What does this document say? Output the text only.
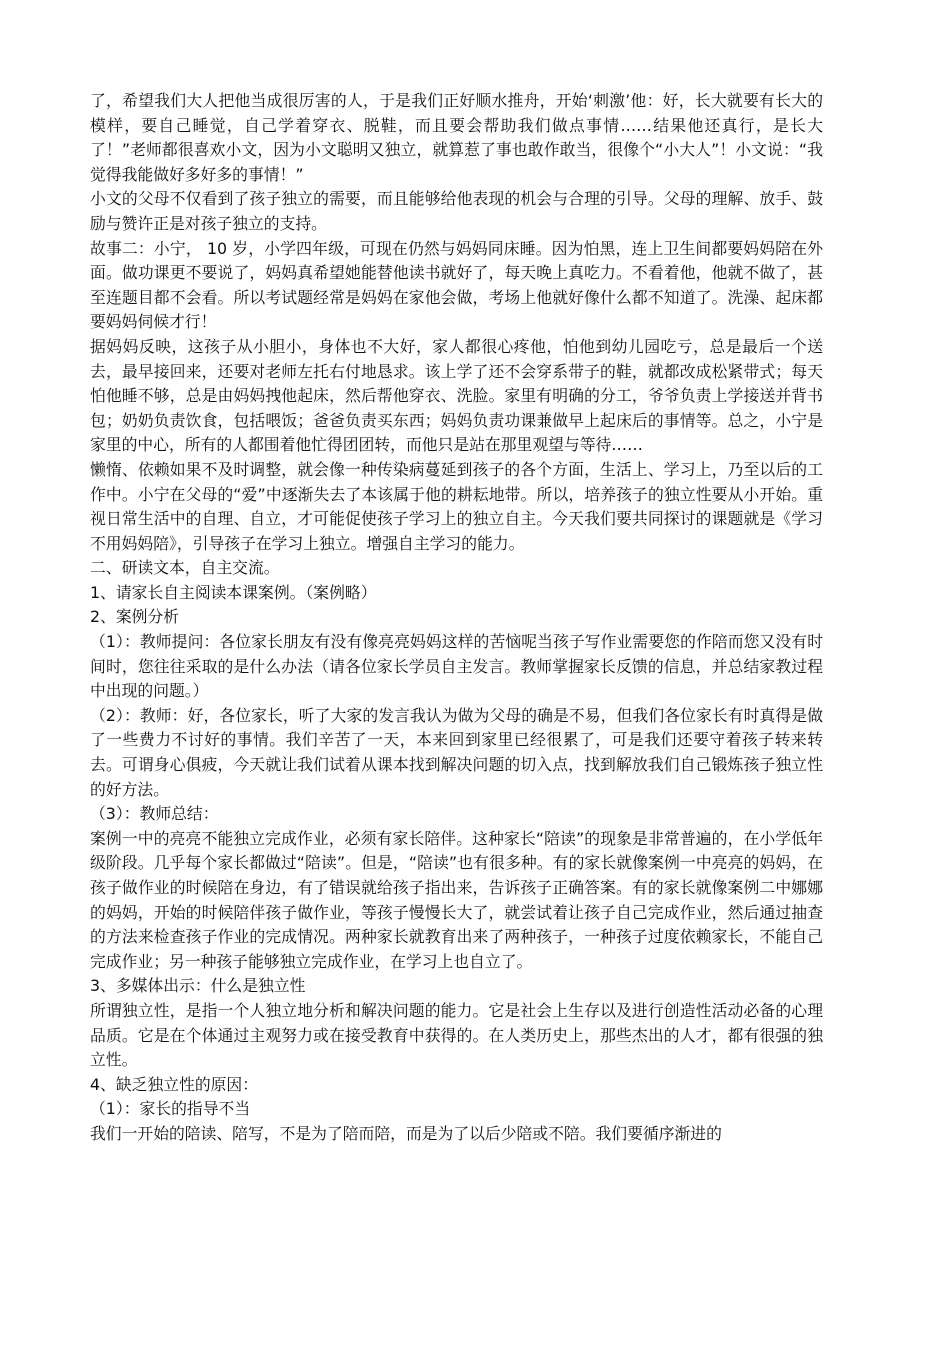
了，希望我们大人把他当成很厉害的人，于是我们正好顺水推舟，开始‘刺激’他：好，长大就要有长大的模样，要自己睡觉，自己学着穿衣、脱鞋，而且要会帮助我们做点事情……结果他还真行，是长大了！”老师都很喜欢小文，因为小文聪明又独立，就算惹了事也敢作敢当，很像个“小大人”！小文说：“我觉得我能做好多好多的事情！”

小文的父母不仅看到了孩子独立的需要，而且能够给他表现的机会与合理的引导。父母的理解、放手、鼓励与赞许正是对孩子独立的支持。

故事二：小宁， 10 岁，小学四年级，可现在仍然与妈妈同床睡。因为怕黑，连上卫生间都要妈妈陪在外面。做功课更不要说了，妈妈真希望她能替他读书就好了，每天晚上真吃力。不看着他，他就不做了，甚至连题目都不会看。所以考试题经常是妈妈在家他会做，考场上他就好像什么都不知道了。洗澡、起床都要妈妈伺候才行！

据妈妈反映，这孩子从小胆小，身体也不大好，家人都很心疼他，怕他到幼儿园吃亏，总是最后一个送去，最早接回来，还要对老师左托右付地恳求。该上学了还不会穿系带子的鞋，就都改成松紧带式；每天怕他睡不够，总是由妈妈拽他起床，然后帮他穿衣、洗脸。家里有明确的分工，爷爷负责上学接送并背书包；奶奶负责饮食，包括喂饭；爸爸负责买东西；妈妈负责功课兼做早上起床后的事情等。总之，小宁是家里的中心，所有的人都围着他忙得团团转，而他只是站在那里观望与等待……

懒惰、依赖如果不及时调整，就会像一种传染病蔓延到孩子的各个方面，生活上、学习上，乃至以后的工作中。小宁在父母的“爱”中逐渐失去了本该属于他的耕耘地带。所以，培养孩子的独立性要从小开始。重视日常生活中的自理、自立，才可能促使孩子学习上的独立自主。今天我们要共同探讨的课题就是《学习不用妈妈陪》，引导孩子在学习上独立。增强自主学习的能力。

二、研读文本，自主交流。

1、请家长自主阅读本课案例。（案例略）

2、案例分析

（1）：教师提问：各位家长朋友有没有像亮亮妈妈这样的苦恼呢当孩子写作业需要您的作陪而您又没有时间时，您往往采取的是什么办法（请各位家长学员自主发言。教师掌握家长反馈的信息，并总结家教过程中出现的问题。）

（2）：教师：好，各位家长，听了大家的发言我认为做为父母的确是不易，但我们各位家长有时真得是做了一些费力不讨好的事情。我们辛苦了一天，本来回到家里已经很累了，可是我们还要守着孩子转来转去。可谓身心俱疲，今天就让我们试着从课本找到解决问题的切入点，找到解放我们自己锻炼孩子独立性的好方法。

（3）：教师总结：

案例一中的亮亮不能独立完成作业，必须有家长陪伴。这种家长“陪读”的现象是非常普遍的，在小学低年级阶段。几乎每个家长都做过“陪读”。但是，“陪读”也有很多种。有的家长就像案例一中亮亮的妈妈，在孩子做作业的时候陪在身边，有了错误就给孩子指出来，告诉孩子正确答案。有的家长就像案例二中娜娜的妈妈，开始的时候陪伴孩子做作业，等孩子慢慢长大了，就尝试着让孩子自己完成作业，然后通过抽查的方法来检查孩子作业的完成情况。两种家长就教育出来了两种孩子，一种孩子过度依赖家长，不能自己完成作业；另一种孩子能够独立完成作业，在学习上也自立了。

3、多媒体出示：什么是独立性

所谓独立性，是指一个人独立地分析和解决问题的能力。它是社会上生存以及进行创造性活动必备的心理品质。它是在个体通过主观努力或在接受教育中获得的。在人类历史上，那些杰出的人才，都有很强的独立性。

4、缺乏独立性的原因：

（1）：家长的指导不当

我们一开始的陪读、陪写，不是为了陪而陪，而是为了以后少陪或不陪。我们要循序渐进的
